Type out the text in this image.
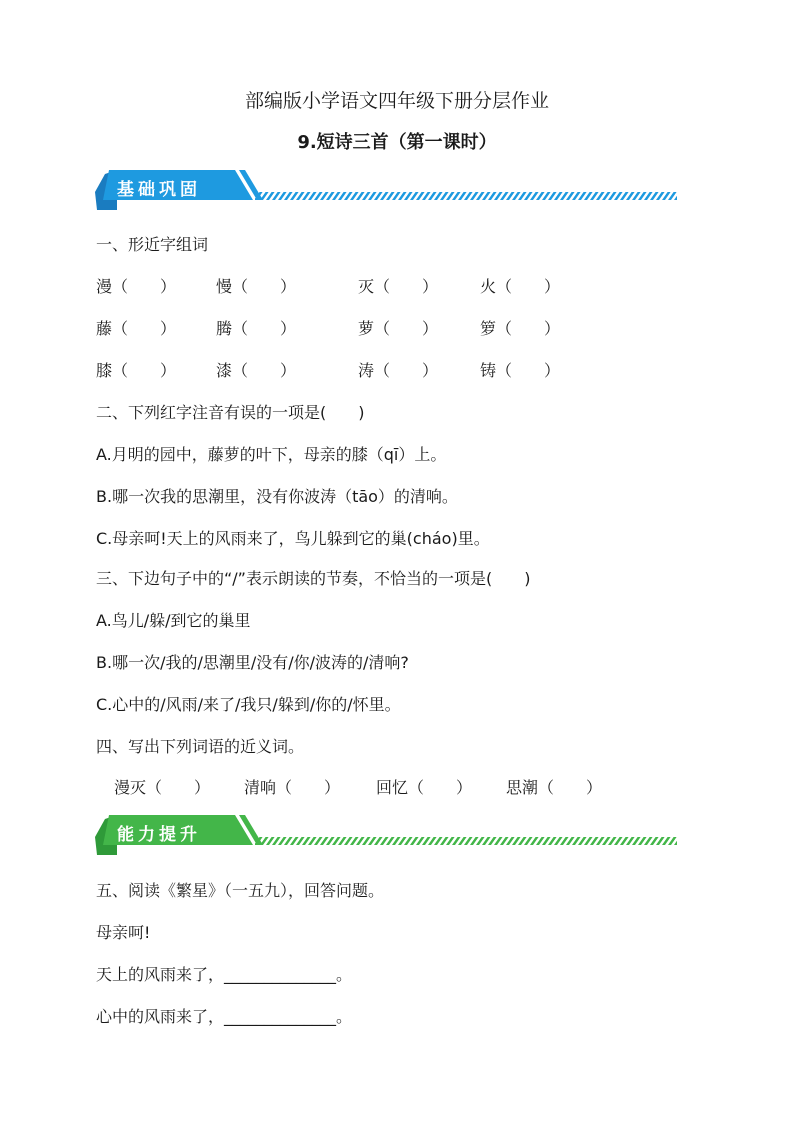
部编版小学语文四年级下册分层作业
9.短诗三首（第一课时）
基础巩固
一、形近字组词
漫（　　） 慢（　　）	灭（　　）	火（　　）
藤（　　） 腾（　　）	萝（　　）	箩（　　）
膝（　　） 漆（　　）	涛（　　）	铸（　　）
二、下列红字注音有误的一项是(　　)
A.月明的园中，藤萝的叶下，母亲的膝（qī）上。
B.哪一次我的思潮里，没有你波涛（tāo）的清响。
C.母亲呵!天上的风雨来了，鸟儿躲到它的巢(cháo)里。
三、下边句子中的“/”表示朗读的节奏，不恰当的一项是(　　)
A.鸟儿/躲/到它的巢里
B.哪一次/我的/思潮里/没有/你/波涛的/清响?
C.心中的/风雨/来了/我只/躲到/你的/怀里。
四、写出下列词语的近义词。
漫灭（　　） 清响（　　） 回忆（　　） 思潮（　　）
能力提升
五、阅读《繁星》（一五九），回答问题。
母亲呵!
天上的风雨来了，______________。
心中的风雨来了，______________。
